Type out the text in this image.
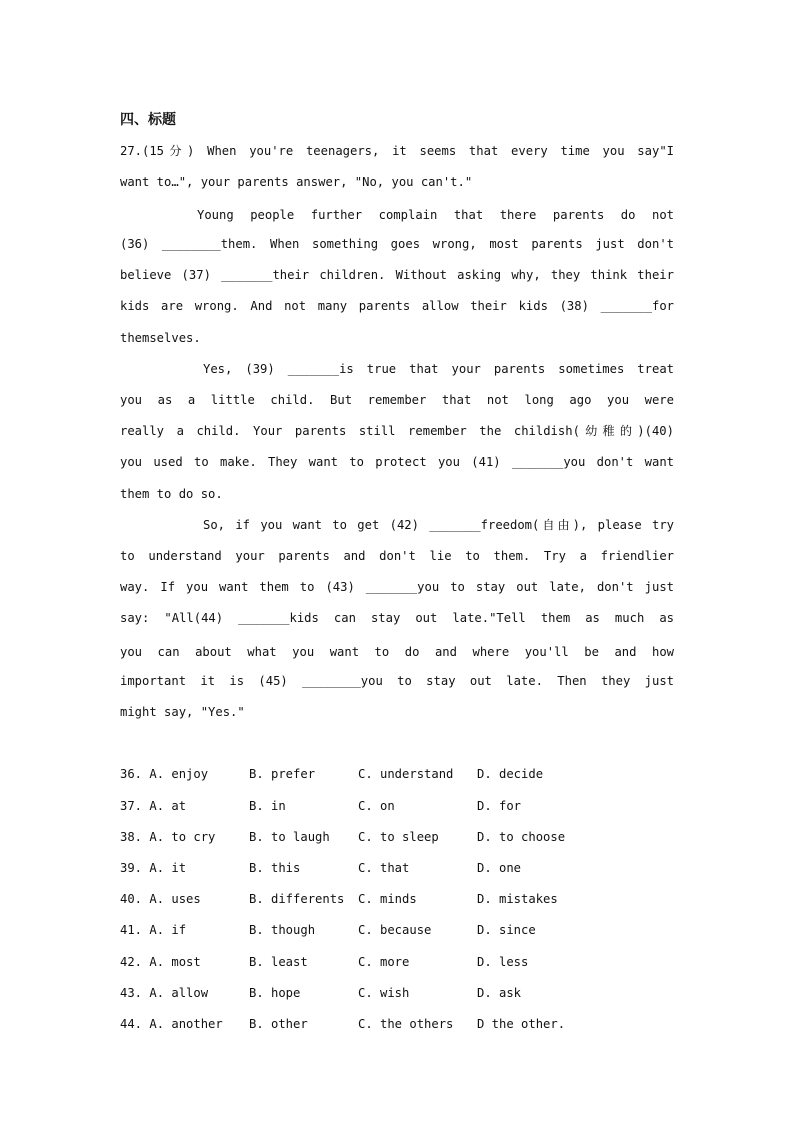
四、标题
27.(15分) When you're teenagers, it seems that every time you say"I
want to…", your parents answer, "No, you can't."
Young people further complain that there parents do not
(36) ________them. When something goes wrong, most parents just don't
believe (37) _______their children. Without asking why, they think their
kids are wrong. And not many parents allow their kids (38) _______for
themselves.
Yes, (39) _______is true that your parents sometimes treat
you as a little child. But remember that not long ago you were
really a child. Your parents still remember the childish(幼稚的)(40)
you used to make. They want to protect you (41) _______you don't want
them to do so.
So, if you want to get (42) _______freedom(自由), please try
to understand your parents and don't lie to them. Try a friendlier
way. If you want them to (43) _______you to stay out late, don't just
say: "All(44) _______kids can stay out late."Tell them as much as
you can about what you want to do and where you'll be and how
important it is (45) ________you to stay out late. Then they just
might say, "Yes."
36. A. enjoy	B. prefer	C. understand D. decide
37. A. at	B. in	C. on	D. for
38. A. to cry	B. to laugh C. to sleep	D. to choose
39. A. it	B. this	C. that	D. one
40. A. uses	B. differents C. minds	D. mistakes
41. A. if	B. though	C. because	D. since
42. A. most	B. least	C. more	D. less
43. A. allow	B. hope	C. wish	D. ask
44. A. another B. other	C. the others D the other.
